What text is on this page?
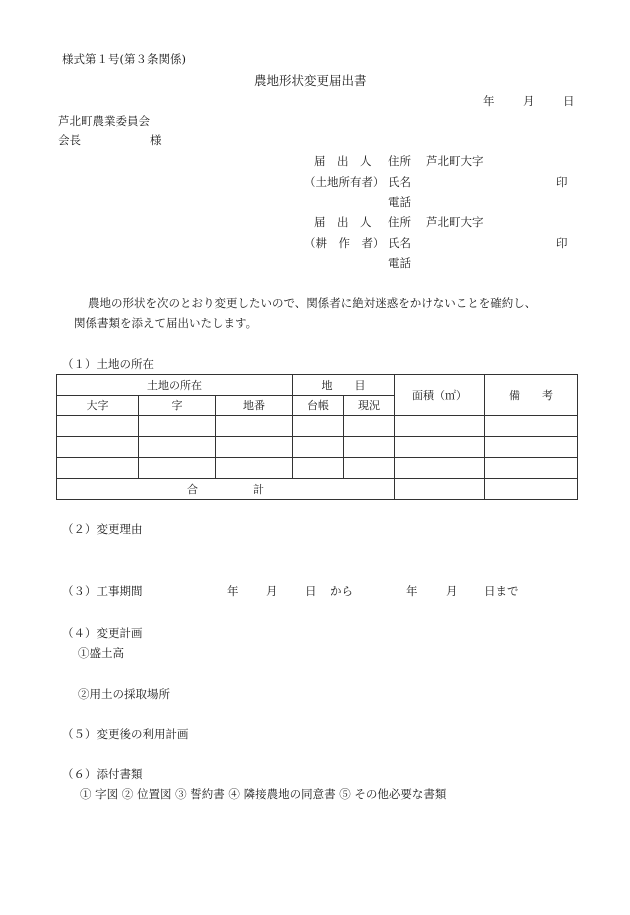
様式第１号(第３条関係)
農地形状変更届出書
年 月 日
芦北町農業委員会
会長	様
届　出　人 住所 芦北町大字
（土地所有者） 氏名	印
電話
届　出　人 住所 芦北町大字
（耕　作　者） 氏名	印
電話
農地の形状を次のとおり変更したいので、関係者に絶対迷惑をかけないことを確約し、
関係書類を添えて届出いたします。
（１）土地の所在
土地の所在			地　　目		面積（㎡）	備　　考
大字	字	地番	台帳	現況		

合　　　　　計						
（２）変更理由
（３）工事期間	年 月 日 から	年 月 日まで
（４）変更計画
①盛土高
②用土の採取場所
（５）変更後の利用計画
（６）添付書類
① 字図 ② 位置図 ③ 誓約書 ④ 隣接農地の同意書 ⑤ その他必要な書類
